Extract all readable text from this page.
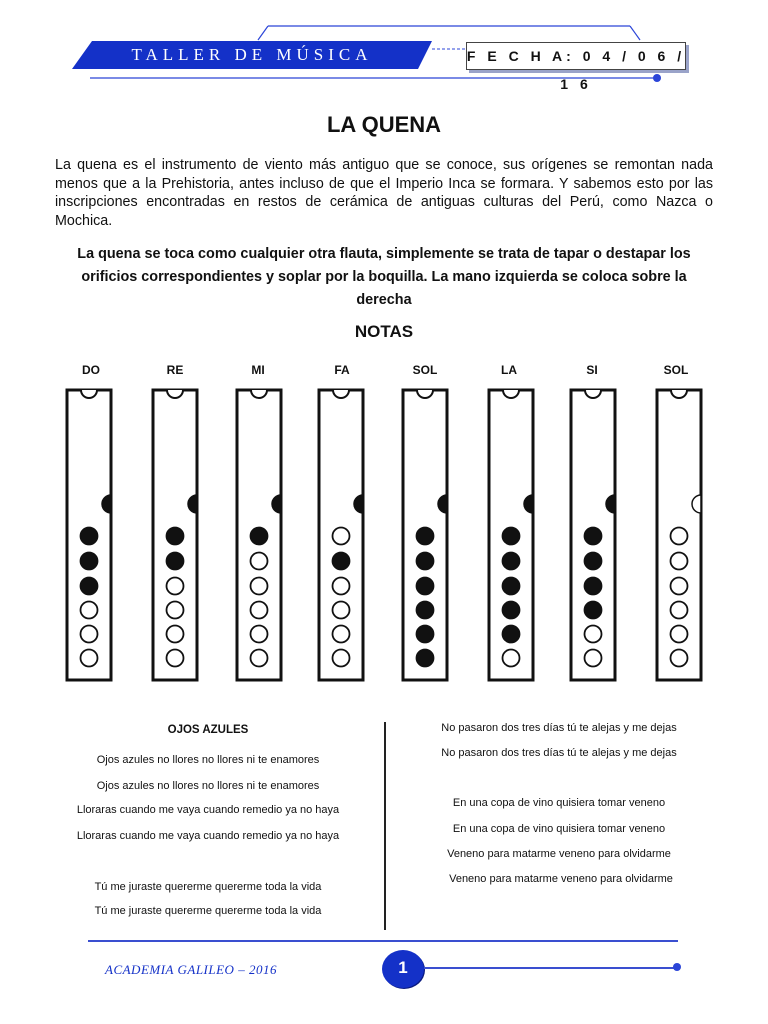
TALLER DE MÚSICA	F E C H A: 0 4 / 0 6 / 1 6
LA QUENA
La quena es el instrumento de viento más antiguo que se conoce, sus orígenes se remontan nada menos que a la Prehistoria, antes incluso de que el Imperio Inca se formara. Y sabemos esto por las inscripciones encontradas en restos de cerámica de antiguas culturas del Perú, como Nazca o Mochica.
La quena se toca como cualquier otra flauta, simplemente se trata de tapar o destapar los orificios correspondientes y soplar por la boquilla. La mano izquierda se coloca sobre la derecha
NOTAS
DO	RE	MI	FA	SOL	LA	SI	SOL
OJOS AZULES
Ojos azules no llores no llores ni te enamores
Ojos azules no llores no llores ni te enamores
Lloraras cuando me vaya cuando remedio ya no haya
Lloraras cuando me vaya cuando remedio ya no haya
Tú me juraste quererme quererme toda la vida
Tú me juraste quererme quererme toda la vida
No pasaron dos tres días tú te alejas y me dejas
No pasaron dos tres días tú te alejas y me dejas
En una copa de vino quisiera tomar veneno
En una copa de vino quisiera tomar veneno
Veneno para matarme veneno para olvidarme
Veneno para matarme veneno para olvidarme
ACADEMIA GALILEO – 2016	1
